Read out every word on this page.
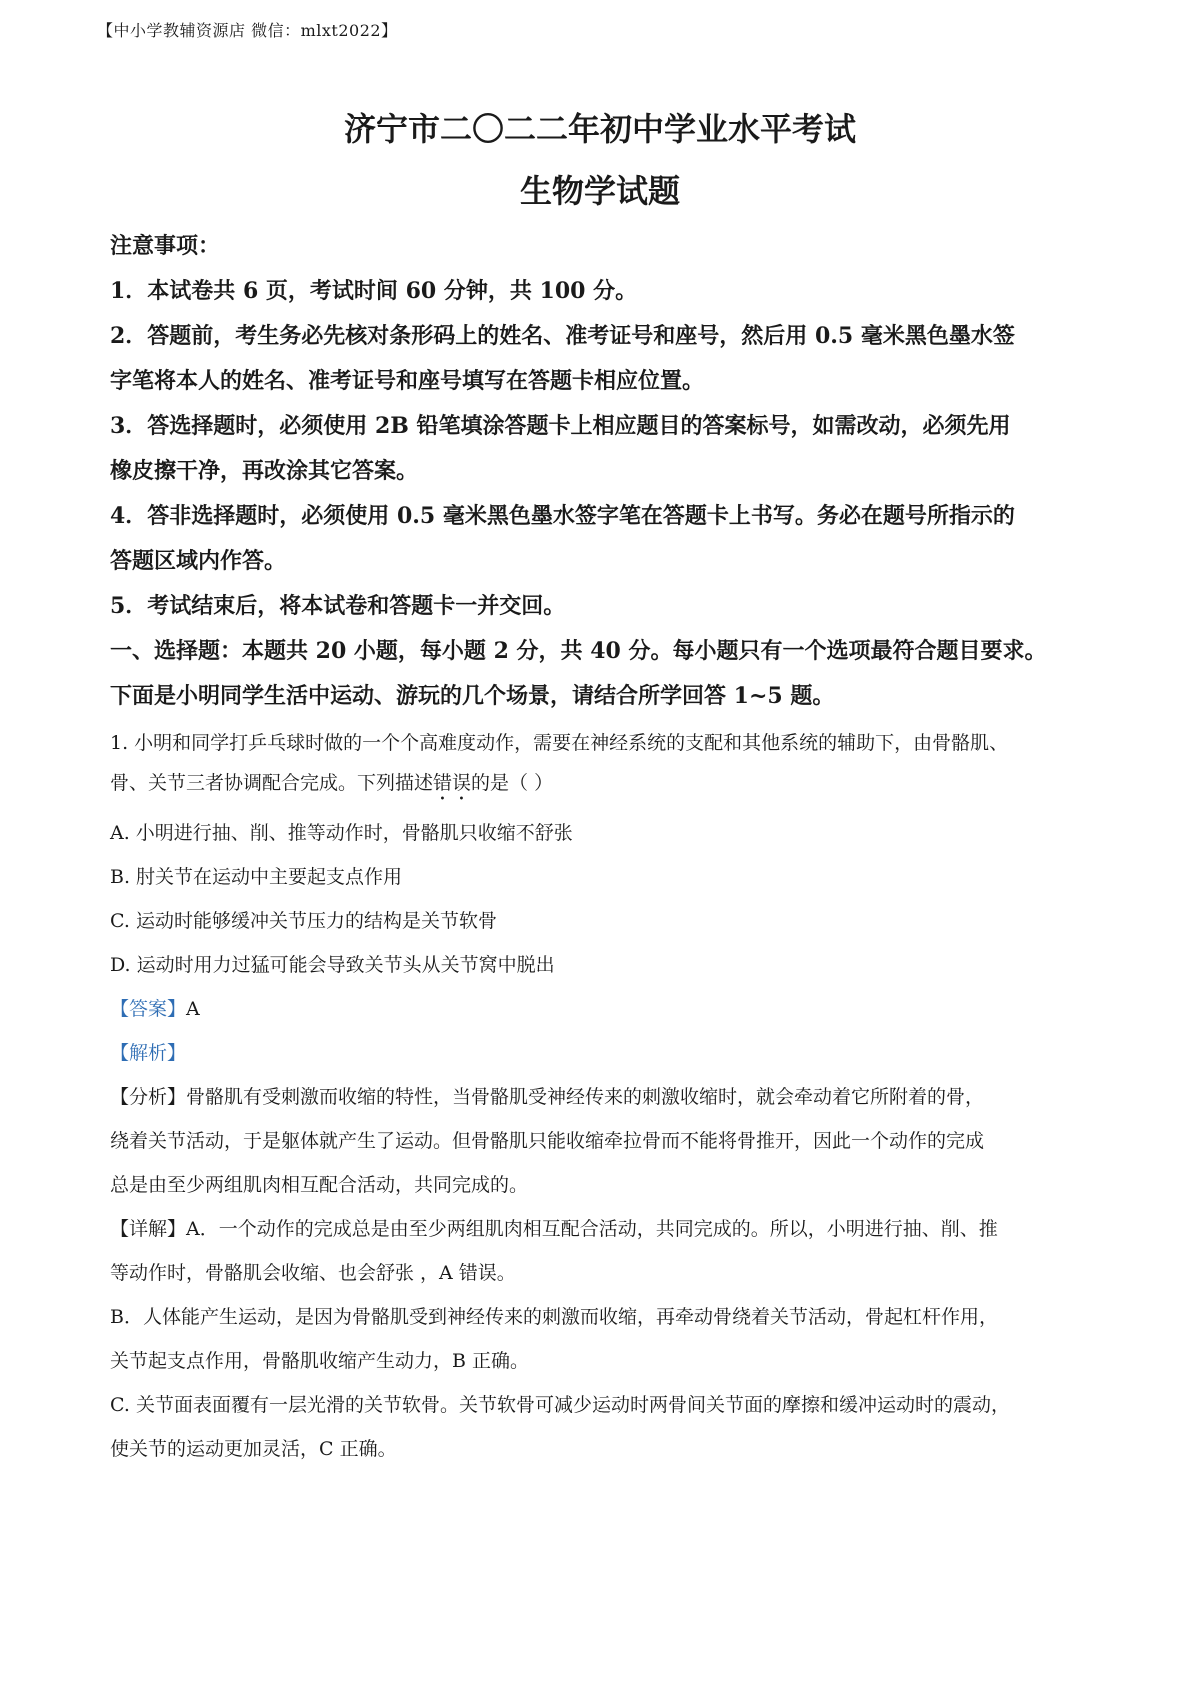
【中小学教辅资源店 微信：mlxt2022】
济宁市二〇二二年初中学业水平考试
生物学试题

注意事项：

1．本试卷共 6 页，考试时间 60 分钟，共 100 分。

2．答题前，考生务必先核对条形码上的姓名、准考证号和座号，然后用 0.5 毫米黑色墨水签

字笔将本人的姓名、准考证号和座号填写在答题卡相应位置。

3．答选择题时，必须使用 2B 铅笔填涂答题卡上相应题目的答案标号，如需改动，必须先用

橡皮擦干净，再改涂其它答案。

4．答非选择题时，必须使用 0.5 毫米黑色墨水签字笔在答题卡上书写。务必在题号所指示的

答题区域内作答。

5．考试结束后，将本试卷和答题卡一并交回。

一、选择题：本题共 20 小题，每小题 2 分，共 40 分。每小题只有一个选项最符合题目要求。

下面是小明同学生活中运动、游玩的几个场景，请结合所学回答 1~5 题。

1. 小明和同学打乒乓球时做的一个个高难度动作，需要在神经系统的支配和其他系统的辅助下，由骨骼肌、

骨、关节三者协调配合完成。下列描述错误的是（ ）

A. 小明进行抽、削、推等动作时，骨骼肌只收缩不舒张

B. 肘关节在运动中主要起支点作用

C. 运动时能够缓冲关节压力的结构是关节软骨

D. 运动时用力过猛可能会导致关节头从关节窝中脱出

【答案】A

【解析】

【分析】骨骼肌有受刺激而收缩的特性，当骨骼肌受神经传来的刺激收缩时，就会牵动着它所附着的骨，

绕着关节活动，于是躯体就产生了运动。但骨骼肌只能收缩牵拉骨而不能将骨推开，因此一个动作的完成

总是由至少两组肌肉相互配合活动，共同完成的。

【详解】A．一个动作的完成总是由至少两组肌肉相互配合活动，共同完成的。所以，小明进行抽、削、推

等动作时，骨骼肌会收缩、也会舒张 ，A 错误。

B．人体能产生运动，是因为骨骼肌受到神经传来的刺激而收缩，再牵动骨绕着关节活动，骨起杠杆作用，

关节起支点作用，骨骼肌收缩产生动力，B 正确。

C. 关节面表面覆有一层光滑的关节软骨。关节软骨可减少运动时两骨间关节面的摩擦和缓冲运动时的震动，

使关节的运动更加灵活，C 正确。
